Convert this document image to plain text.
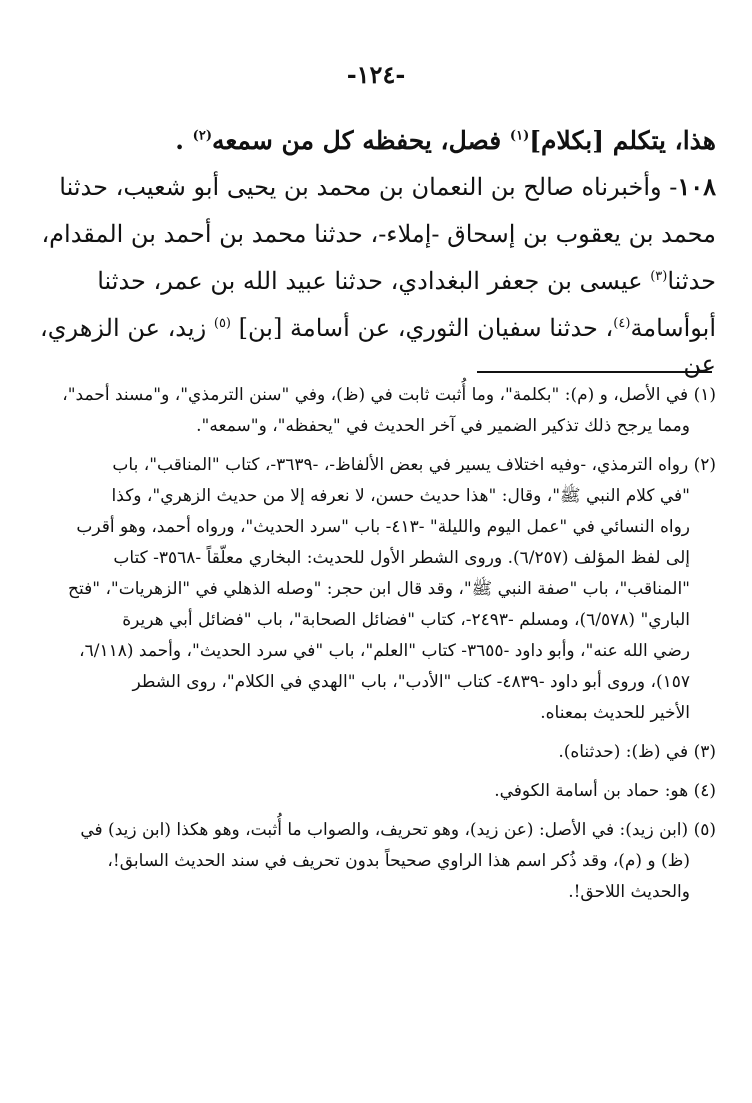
-١٢٤-
هذا، يتكلم [بكلام]$^{(١)}$ فصل، يحفظه كل من سمعه$^{(٢)}$ .
١٠٨- وأخبرناه صالح بن النعمان بن محمد بن يحيى أبو شعيب، حدثنا
محمد بن يعقوب بن إسحاق -إملاء-، حدثنا محمد بن أحمد بن المقدام،
حدثنا$^{(٣)}$ عيسى بن جعفر البغدادي، حدثنا عبيد الله بن عمر، حدثنا
أبوأسامة$^{(٤)}$، حدثنا سفيان الثوري، عن أسامة [بن] $^{(٥)}$ زيد، عن الزهري، عن
(١) في الأصل، و (م): "بكلمة"، وما أُثبت ثابت في (ظ)، وفي "سنن الترمذي"، و"مسند أحمد"،
ومما يرجح ذلك تذكير الضمير في آخر الحديث في "يحفظه"، و"سمعه".
(٢) رواه الترمذي، -وفيه اختلاف يسير في بعض الألفاظ-، -٣٦٣٩-، كتاب "المناقب"، باب
"في كلام النبي ﷺ"، وقال: "هذا حديث حسن، لا نعرفه إلا من حديث الزهري"، وكذا
رواه النسائي في "عمل اليوم والليلة" -٤١٣- باب "سرد الحديث"، ورواه أحمد، وهو أقرب
إلى لفظ المؤلف (٦/٢٥٧). وروى الشطر الأول للحديث: البخاري معلّقاً -٣٥٦٨- كتاب
"المناقب"، باب "صفة النبي ﷺ"، وقد قال ابن حجر: "وصله الذهلي في "الزهريات"، "فتح
الباري" (٦/٥٧٨)، ومسلم -٢٤٩٣-، كتاب "فضائل الصحابة"، باب "فضائل أبي هريرة
رضي الله عنه"، وأبو داود -٣٦٥٥- كتاب "العلم"، باب "في سرد الحديث"، وأحمد (٦/١١٨،
١٥٧)، وروى أبو داود -٤٨٣٩- كتاب "الأدب"، باب "الهدي في الكلام"، روى الشطر
الأخير للحديث بمعناه.
(٣) في (ظ): (حدثناه).
(٤) هو: حماد بن أسامة الكوفي.
(٥) (ابن زيد): في الأصل: (عن زيد)، وهو تحريف، والصواب ما أُثبت، وهو هكذا (ابن زيد) في
(ظ) و (م)، وقد ذُكر اسم هذا الراوي صحيحاً بدون تحريف في سند الحديث السابق!،
والحديث اللاحق!.
